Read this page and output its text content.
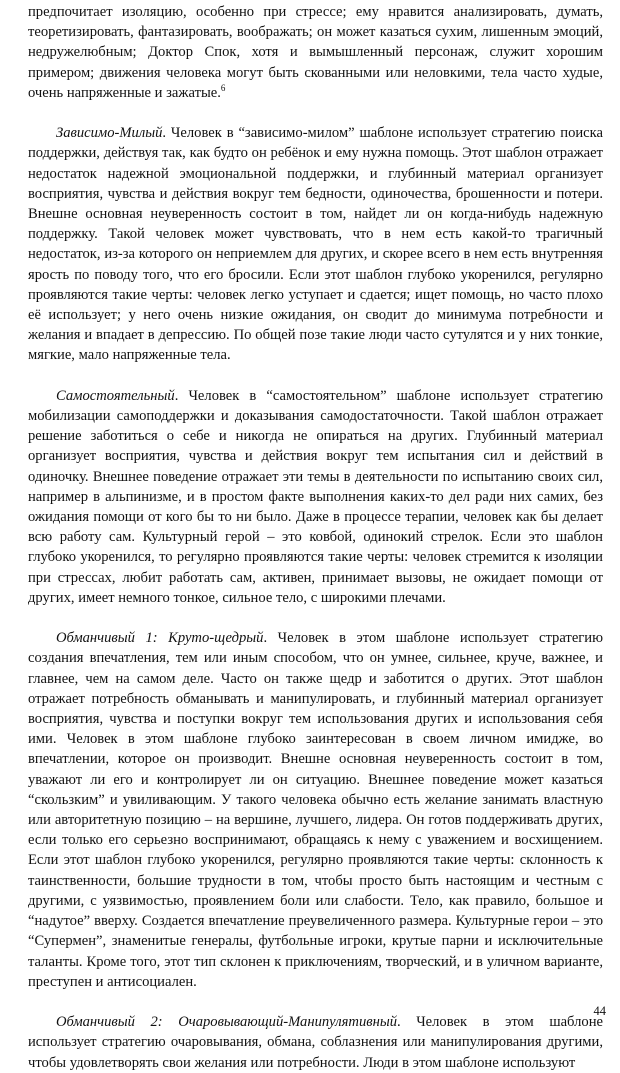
предпочитает изоляцию, особенно при стрессе; ему нравится анализировать, думать, теоретизировать, фантазировать, воображать; он может казаться сухим, лишенным эмоций, недружелюбным; Доктор Спок, хотя и вымышленный персонаж, служит хорошим примером; движения человека могут быть скованными или неловкими, тела часто худые, очень напряженные и зажатые.$^6$

Зависимо-Милый. Человек в “зависимо-милом” шаблоне использует стратегию поиска поддержки, действуя так, как будто он ребёнок и ему нужна помощь. Этот шаблон отражает недостаток надежной эмоциональной поддержки, и глубинный материал организует восприятия, чувства и действия вокруг тем бедности, одиночества, брошенности и потери. Внешне основная неуверенность состоит в том, найдет ли он когда-нибудь надежную поддержку. Такой человек может чувствовать, что в нем есть какой-то трагичный недостаток, из-за которого он неприемлем для других, и скорее всего в нем есть внутренняя ярость по поводу того, что его бросили. Если этот шаблон глубоко укоренился, регулярно проявляются такие черты: человек легко уступает и сдается; ищет помощь, но часто плохо её использует; у него очень низкие ожидания, он сводит до минимума потребности и желания и впадает в депрессию. По общей позе такие люди часто сутулятся и у них тонкие, мягкие, мало напряженные тела.

Самостоятельный. Человек в “самостоятельном” шаблоне использует стратегию мобилизации самоподдержки и доказывания самодостаточности. Такой шаблон отражает решение заботиться о себе и никогда не опираться на других. Глубинный материал организует восприятия, чувства и действия вокруг тем испытания сил и действий в одиночку. Внешнее поведение отражает эти темы в деятельности по испытанию своих сил, например в альпинизме, и в простом факте выполнения каких-то дел ради них самих, без ожидания помощи от кого бы то ни было. Даже в процессе терапии, человек как бы делает всю работу сам. Культурный герой – это ковбой, одинокий стрелок. Если это шаблон глубоко укоренился, то регулярно проявляются такие черты: человек стремится к изоляции при стрессах, любит работать сам, активен, принимает вызовы, не ожидает помощи от других, имеет немного тонкое, сильное тело, с широкими плечами.

Обманчивый 1: Круто-щедрый. Человек в этом шаблоне использует стратегию создания впечатления, тем или иным способом, что он умнее, сильнее, круче, важнее, и главнее, чем на самом деле. Часто он также щедр и заботится о других. Этот шаблон отражает потребность обманывать и манипулировать, и глубинный материал организует восприятия, чувства и поступки вокруг тем использования других и использования себя ими. Человек в этом шаблоне глубоко заинтересован в своем личном имидже, во впечатлении, которое он производит. Внешне основная неуверенность состоит в том, уважают ли его и контролирует ли он ситуацию. Внешнее поведение может казаться “скользким” и увиливающим. У такого человека обычно есть желание занимать властную или авторитетную позицию – на вершине, лучшего, лидера. Он готов поддерживать других, если только его серьезно воспринимают, обращаясь к нему с уважением и восхищением. Если этот шаблон глубоко укоренился, регулярно проявляются такие черты: склонность к таинственности, большие трудности в том, чтобы просто быть настоящим и честным с другими, с уязвимостью, проявлением боли или слабости. Тело, как правило, большое и “надутое” вверху. Создается впечатление преувеличенного размера. Культурные герои – это “Супермен”, знаменитые генералы, футбольные игроки, крутые парни и исключительные таланты. Кроме того, этот тип склонен к приключениям, творческий, и в уличном варианте, преступен и антисоциален.

Обманчивый 2: Очаровывающий-Манипулятивный. Человек в этом шаблоне использует стратегию очаровывания, обмана, соблазнения или манипулирования другими, чтобы удовлетворять свои желания или потребности. Люди в этом шаблоне используют

44
